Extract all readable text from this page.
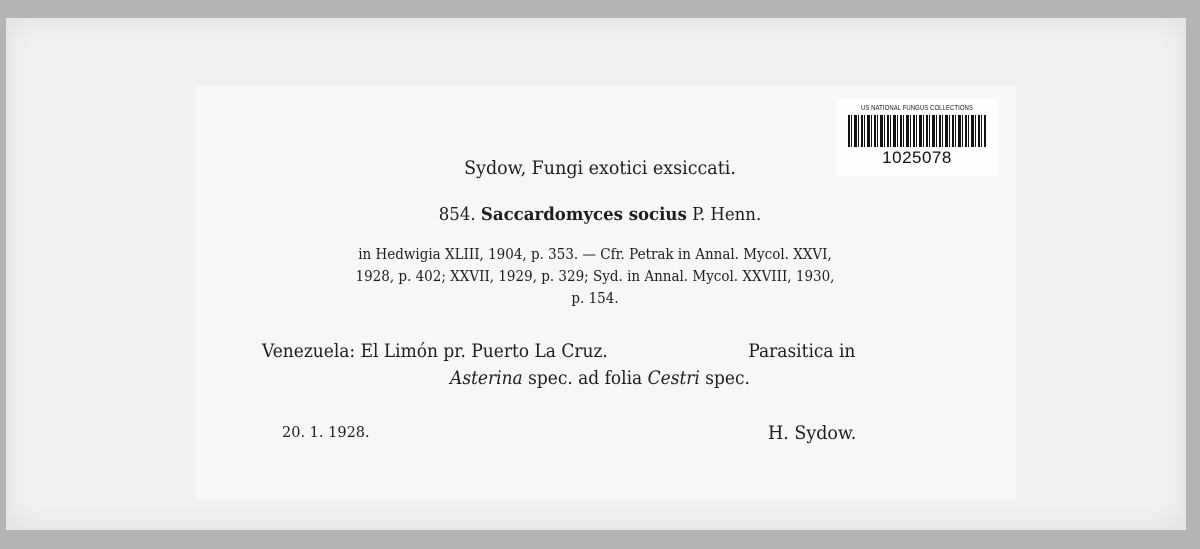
US NATIONAL FUNGUS COLLECTIONS
1025078
Sydow, Fungi exotici exsiccati.
854. Saccardomyces socius P. Henn.
in Hedwigia XLIII, 1904, p. 353. — Cfr. Petrak in Annal. Mycol. XXVI,
1928, p. 402; XXVII, 1929, p. 329; Syd. in Annal. Mycol. XXVIII, 1930,
p. 154.
Venezuela: El Limón pr. Puerto La Cruz.	Parasitica in
Asterina spec. ad folia Cestri spec.
20. 1. 1928.	H. Sydow.
